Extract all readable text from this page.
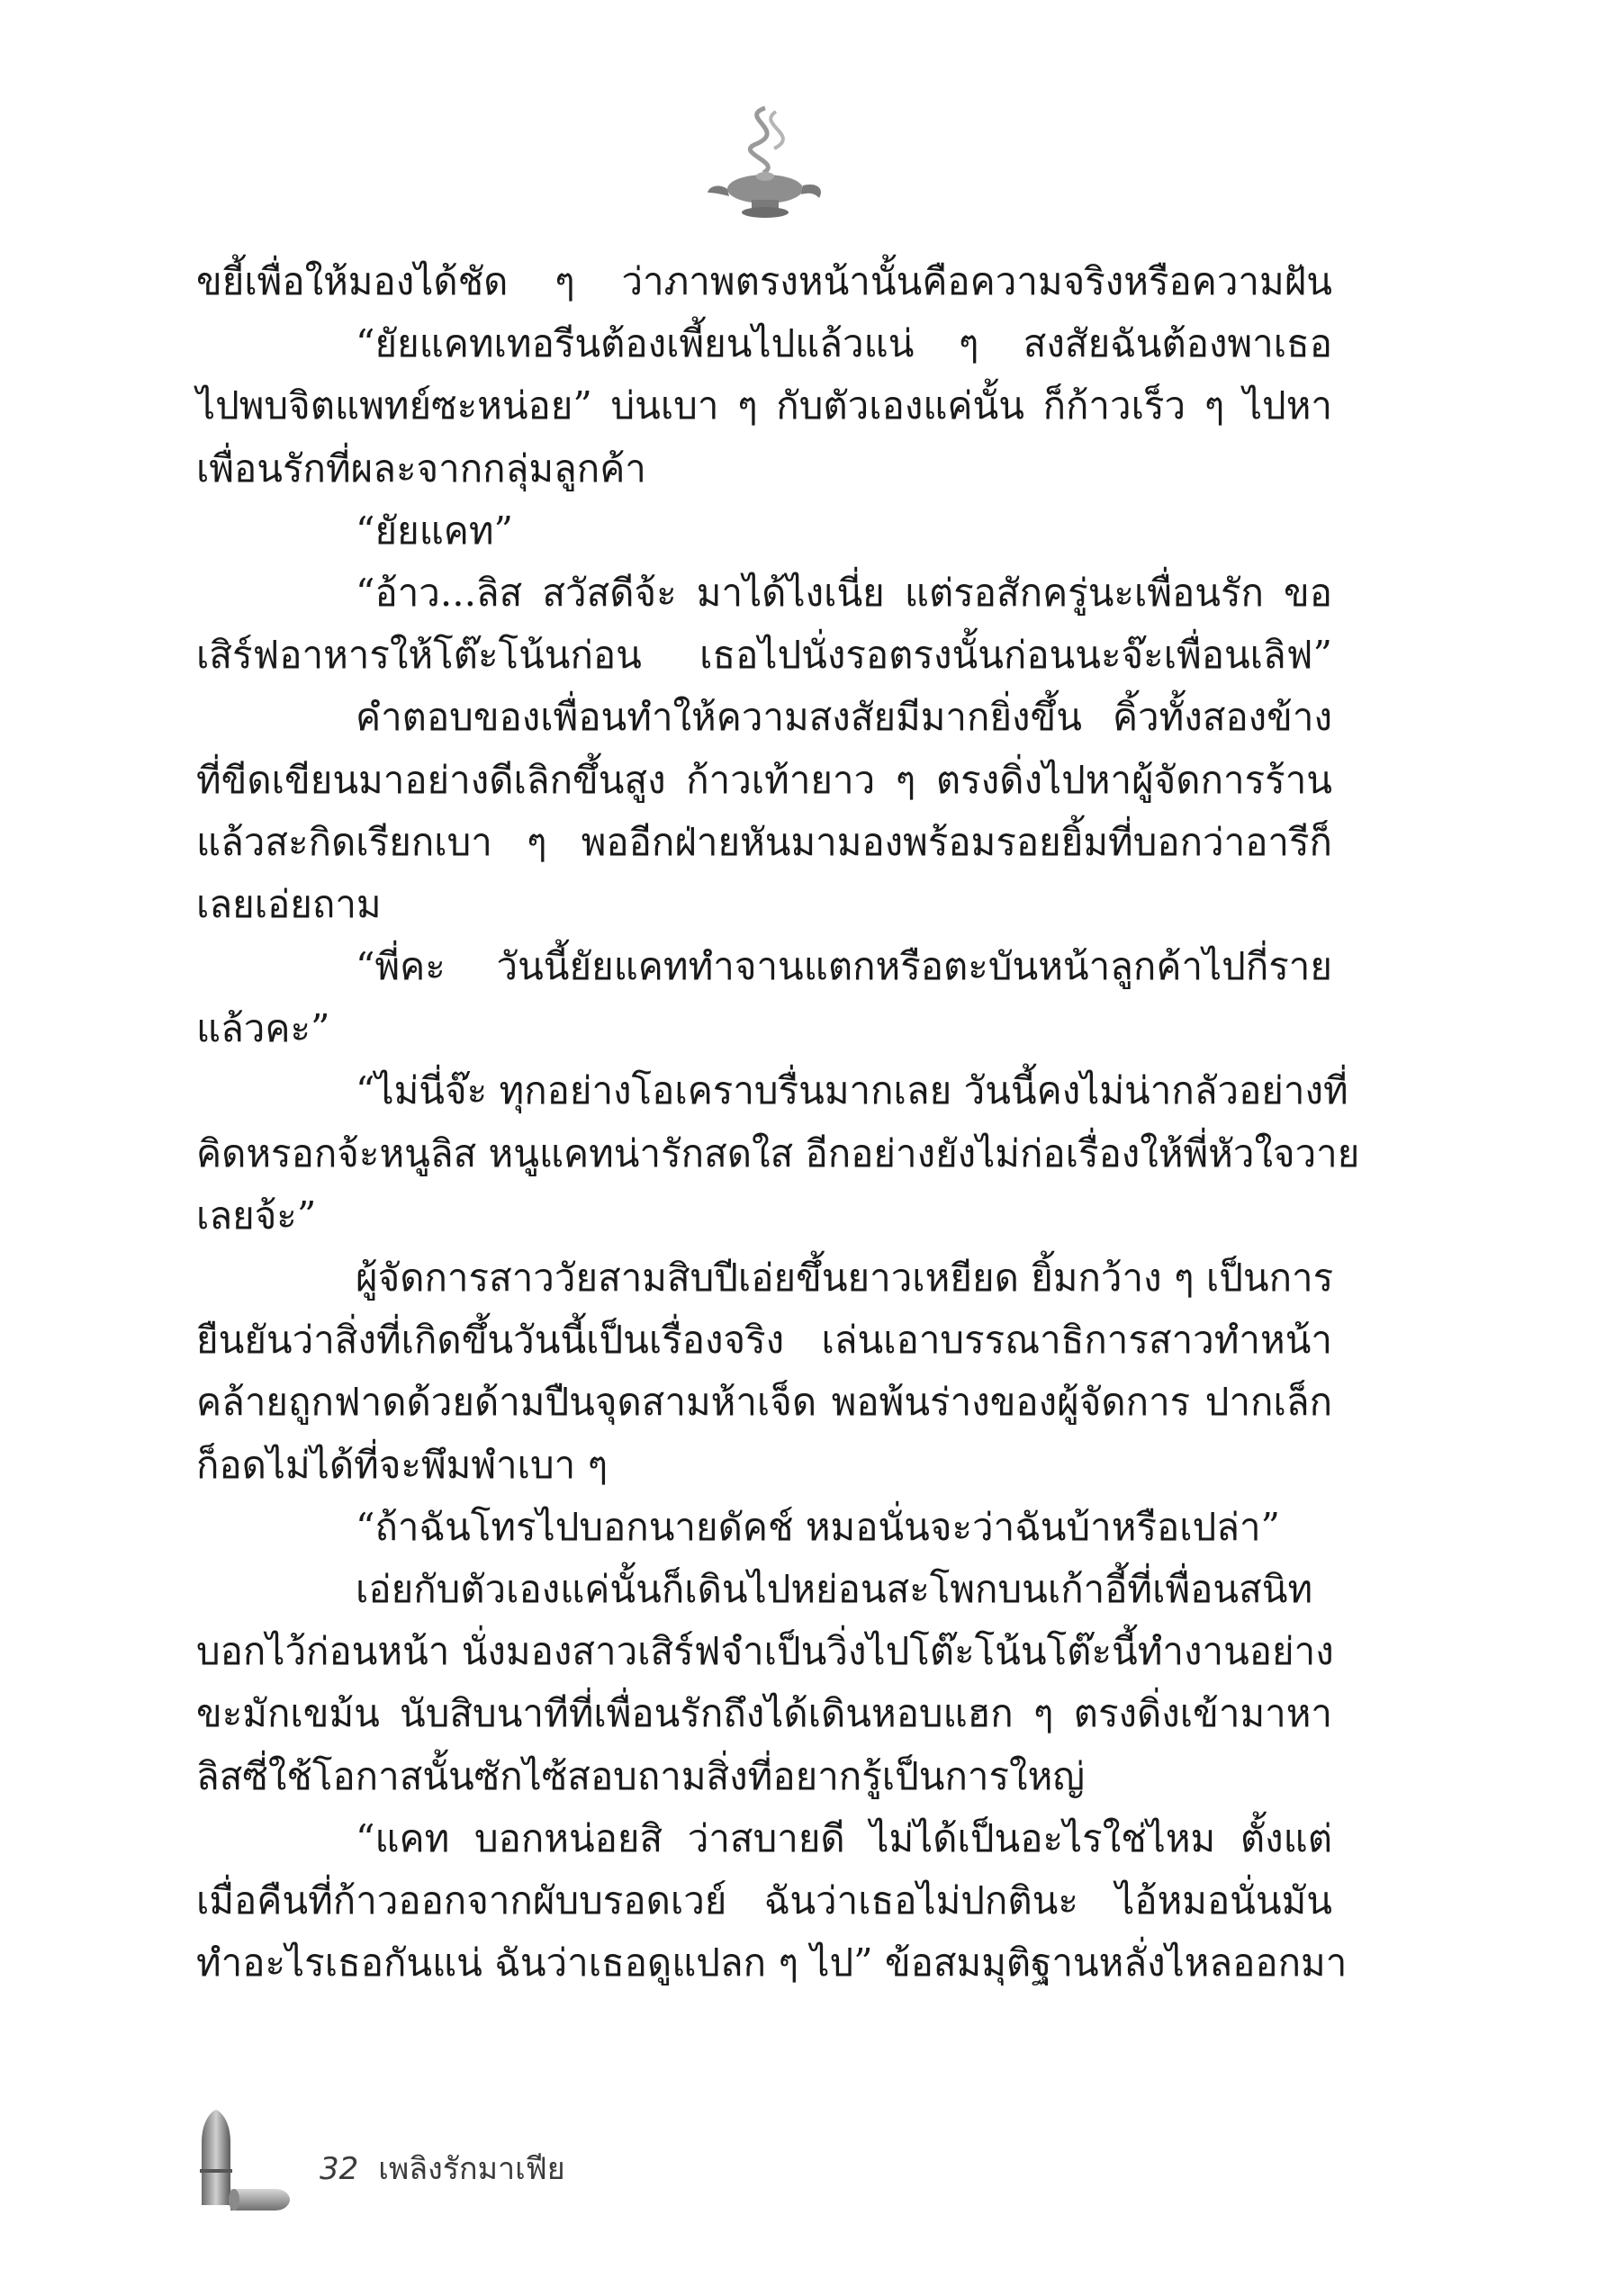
ขยี้เพื่อให้มองได้ชัด ๆ ว่าภาพตรงหน้านั้นคือความจริงหรือความฝัน
“ยัยแคทเทอรีนต้องเพี้ยนไปแล้วแน่ ๆ สงสัยฉันต้องพาเธอ
ไปพบจิตแพทย์ซะหน่อย” บ่นเบา ๆ กับตัวเองแค่นั้น ก็ก้าวเร็ว ๆ ไปหา
เพื่อนรักที่ผละจากกลุ่มลูกค้า
“ยัยแคท”
“อ้าว...ลิส สวัสดีจ้ะ มาได้ไงเนี่ย แต่รอสักครู่นะเพื่อนรัก ขอ
เสิร์ฟอาหารให้โต๊ะโน้นก่อน เธอไปนั่งรอตรงนั้นก่อนนะจ๊ะเพื่อนเลิฟ”
คำตอบของเพื่อนทำให้ความสงสัยมีมากยิ่งขึ้น คิ้วทั้งสองข้าง
ที่ขีดเขียนมาอย่างดีเลิกขึ้นสูง ก้าวเท้ายาว ๆ ตรงดิ่งไปหาผู้จัดการร้าน
แล้วสะกิดเรียกเบา ๆ พออีกฝ่ายหันมามองพร้อมรอยยิ้มที่บอกว่าอารีก็
เลยเอ่ยถาม
“พี่คะ วันนี้ยัยแคททำจานแตกหรือตะบันหน้าลูกค้าไปกี่ราย
แล้วคะ”
“ไม่นี่จ๊ะ ทุกอย่างโอเคราบรื่นมากเลย วันนี้คงไม่น่ากลัวอย่างที่
คิดหรอกจ้ะหนูลิส หนูแคทน่ารักสดใส อีกอย่างยังไม่ก่อเรื่องให้พี่หัวใจวาย
เลยจ้ะ”
ผู้จัดการสาววัยสามสิบปีเอ่ยขึ้นยาวเหยียด ยิ้มกว้าง ๆ เป็นการ
ยืนยันว่าสิ่งที่เกิดขึ้นวันนี้เป็นเรื่องจริง เล่นเอาบรรณาธิการสาวทำหน้า
คล้ายถูกฟาดด้วยด้ามปืนจุดสามห้าเจ็ด พอพ้นร่างของผู้จัดการ ปากเล็ก
ก็อดไม่ได้ที่จะพึมพำเบา ๆ
“ถ้าฉันโทรไปบอกนายดัคช์ หมอนั่นจะว่าฉันบ้าหรือเปล่า”
เอ่ยกับตัวเองแค่นั้นก็เดินไปหย่อนสะโพกบนเก้าอี้ที่เพื่อนสนิท
บอกไว้ก่อนหน้า นั่งมองสาวเสิร์ฟจำเป็นวิ่งไปโต๊ะโน้นโต๊ะนี้ทำงานอย่าง
ขะมักเขม้น นับสิบนาทีที่เพื่อนรักถึงได้เดินหอบแฮก ๆ ตรงดิ่งเข้ามาหา
ลิสซี่ใช้โอกาสนั้นซักไซ้สอบถามสิ่งที่อยากรู้เป็นการใหญ่
“แคท บอกหน่อยสิ ว่าสบายดี ไม่ได้เป็นอะไรใช่ไหม ตั้งแต่
เมื่อคืนที่ก้าวออกจากผับบรอดเวย์ ฉันว่าเธอไม่ปกตินะ ไอ้หมอนั่นมัน
ทำอะไรเธอกันแน่ ฉันว่าเธอดูแปลก ๆ ไป” ข้อสมมุติฐานหลั่งไหลออกมา
32 เพลิงรักมาเฟีย
